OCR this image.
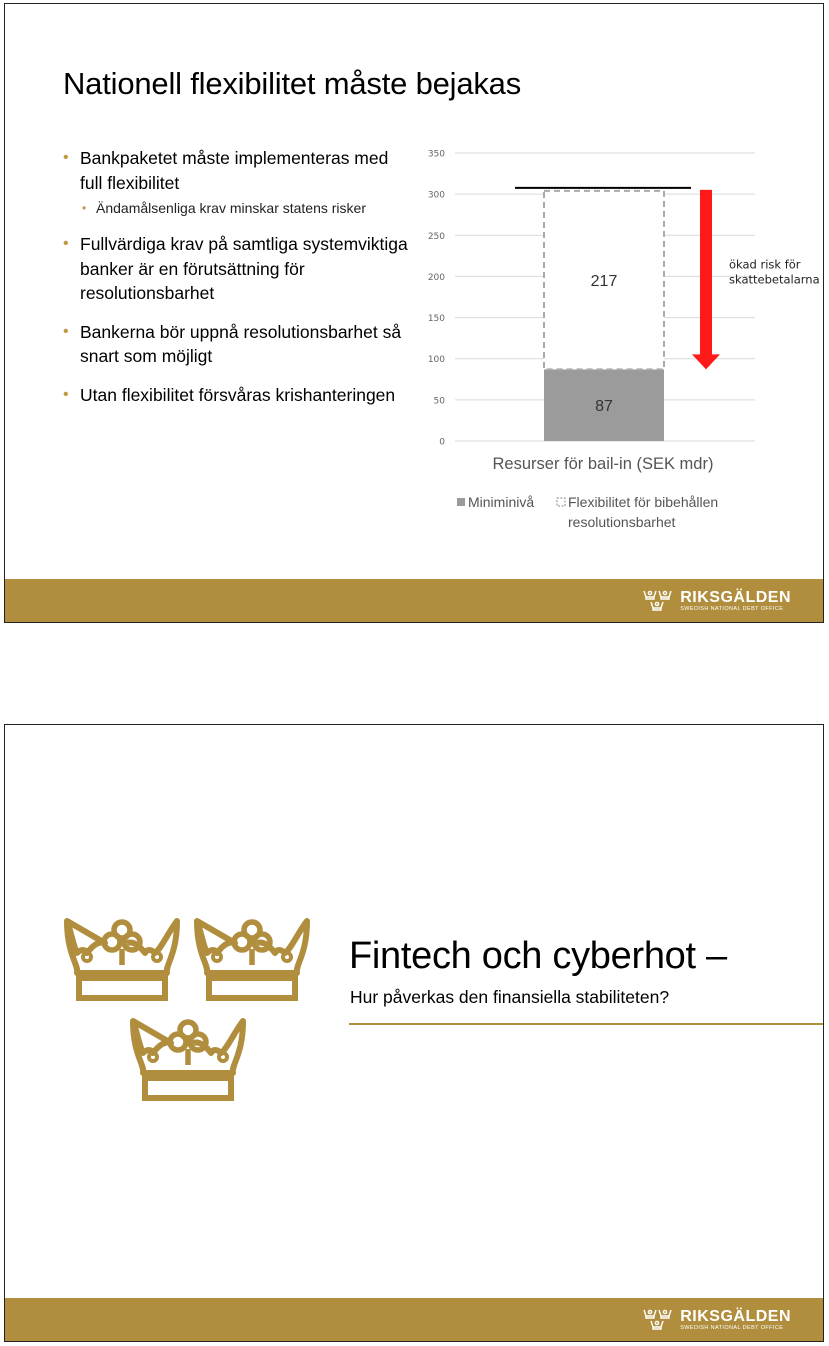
Nationell flexibilitet måste bejakas
• Bankpaketet måste implementeras med full flexibilitet
• Ändamålsenliga krav minskar statens risker
• Fullvärdiga krav på samtliga systemviktiga banker är en förutsättning för resolutionsbarhet
• Bankerna bör uppnå resolutionsbarhet så snart som möjligt
• Utan flexibilitet försvåras krishanteringen
0
50
100
150
200
250
300
350
ökad risk för
skattebetalarna
87
217
Resurser för bail-in (SEK mdr)
Miniminivå Flexibilitet för bibehållen
resolutionsbarhet
RIKSGÄLDEN
SWEDISH NATIONAL DEBT OFFICE
Fintech och cyberhot –
Hur påverkas den finansiella stabiliteten?
RIKSGÄLDEN
SWEDISH NATIONAL DEBT OFFICE
